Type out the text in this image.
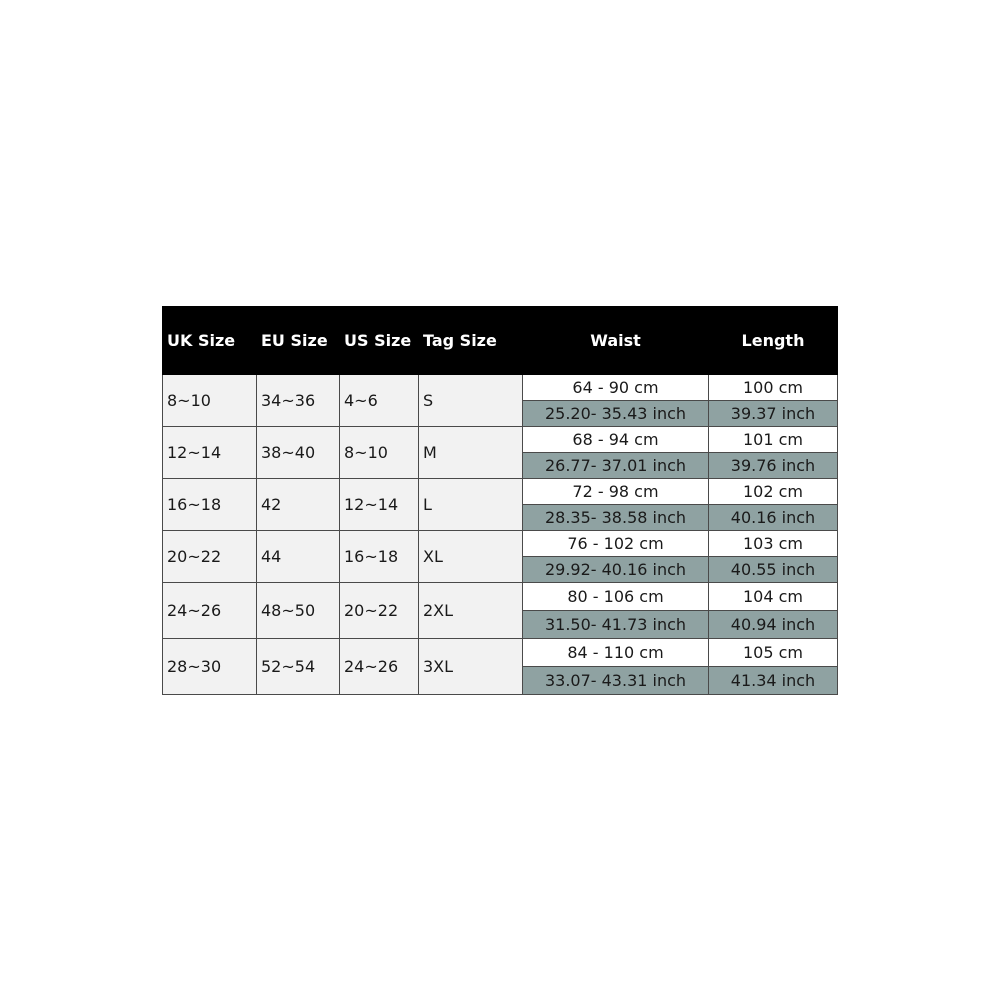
UK Size	EU Size	US Size	Tag Size	Waist	Length
8~10	34~36	4~6	S	64 - 90 cm	100 cm
				25.20- 35.43 inch	39.37 inch
12~14	38~40	8~10	M	68 - 94 cm	101 cm
				26.77- 37.01 inch	39.76 inch
16~18	42	12~14	L	72 - 98 cm	102 cm
				28.35- 38.58 inch	40.16 inch
20~22	44	16~18	XL	76 - 102 cm	103 cm
				29.92- 40.16 inch	40.55 inch
24~26	48~50	20~22	2XL	80 - 106 cm	104 cm
				31.50- 41.73 inch	40.94 inch
28~30	52~54	24~26	3XL	84 - 110 cm	105 cm
				33.07- 43.31 inch	41.34 inch
